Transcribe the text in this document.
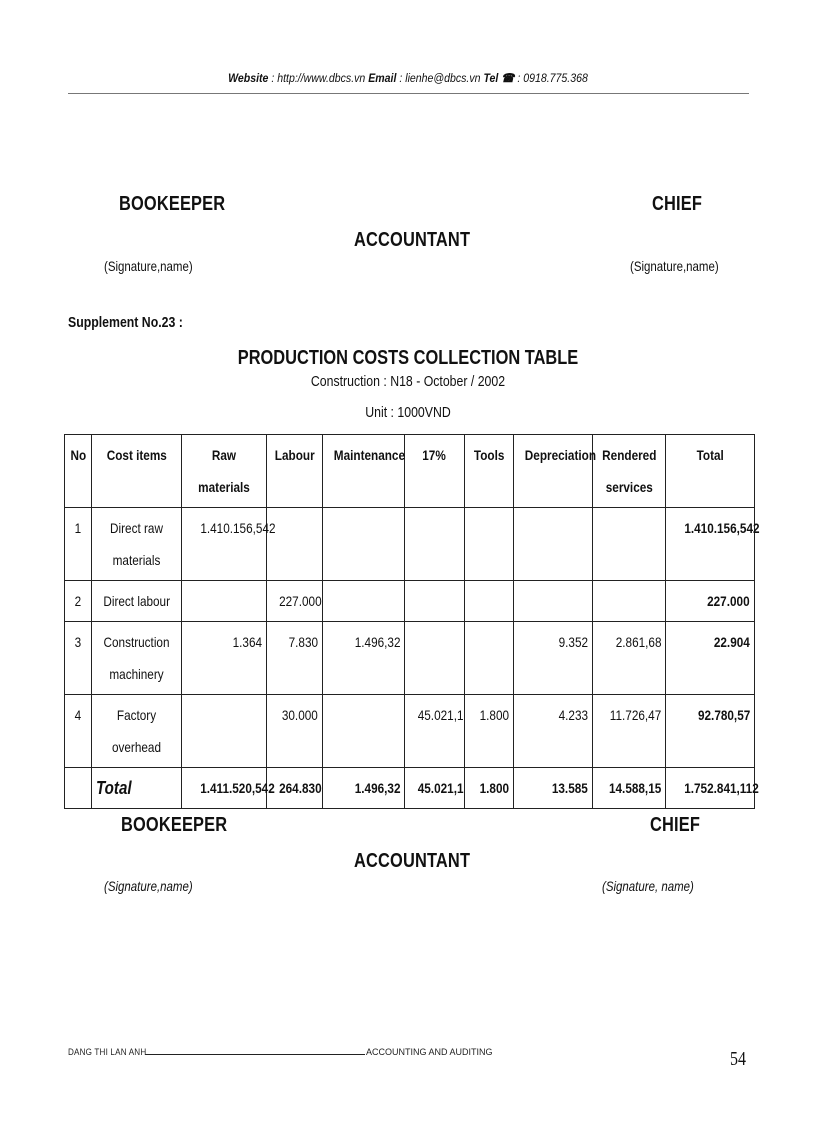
Website : http://www.dbcs.vn Email : lienhe@dbcs.vn Tel ☎ : 0918.775.368
BOOKEEPER	CHIEF
ACCOUNTANT
(Signature,name)	(Signature,name)
Supplement No.23 :
PRODUCTION COSTS COLLECTION TABLE
Construction : N18 - October / 2002
Unit : 1000VND
No	Cost items	Raw materials	Labour	Maintenance	17%	Tools	Depreciation	Rendered services	Total
1	Direct raw materials	1.410.156,542							1.410.156,542
2	Direct labour		227.000						227.000
3	Construction machinery	1.364	7.830	1.496,32			9.352	2.861,68	22.904
4	Factory overhead		30.000		45.021,1	1.800	4.233	11.726,47	92.780,57
	Total	1.411.520,542	264.830	1.496,32	45.021,1	1.800	13.585	14.588,15	1.752.841,112
BOOKEEPER	CHIEF
ACCOUNTANT
(Signature,name)	(Signature, name)
DANG THI LAN ANH	ACCOUNTING AND AUDITING	54
